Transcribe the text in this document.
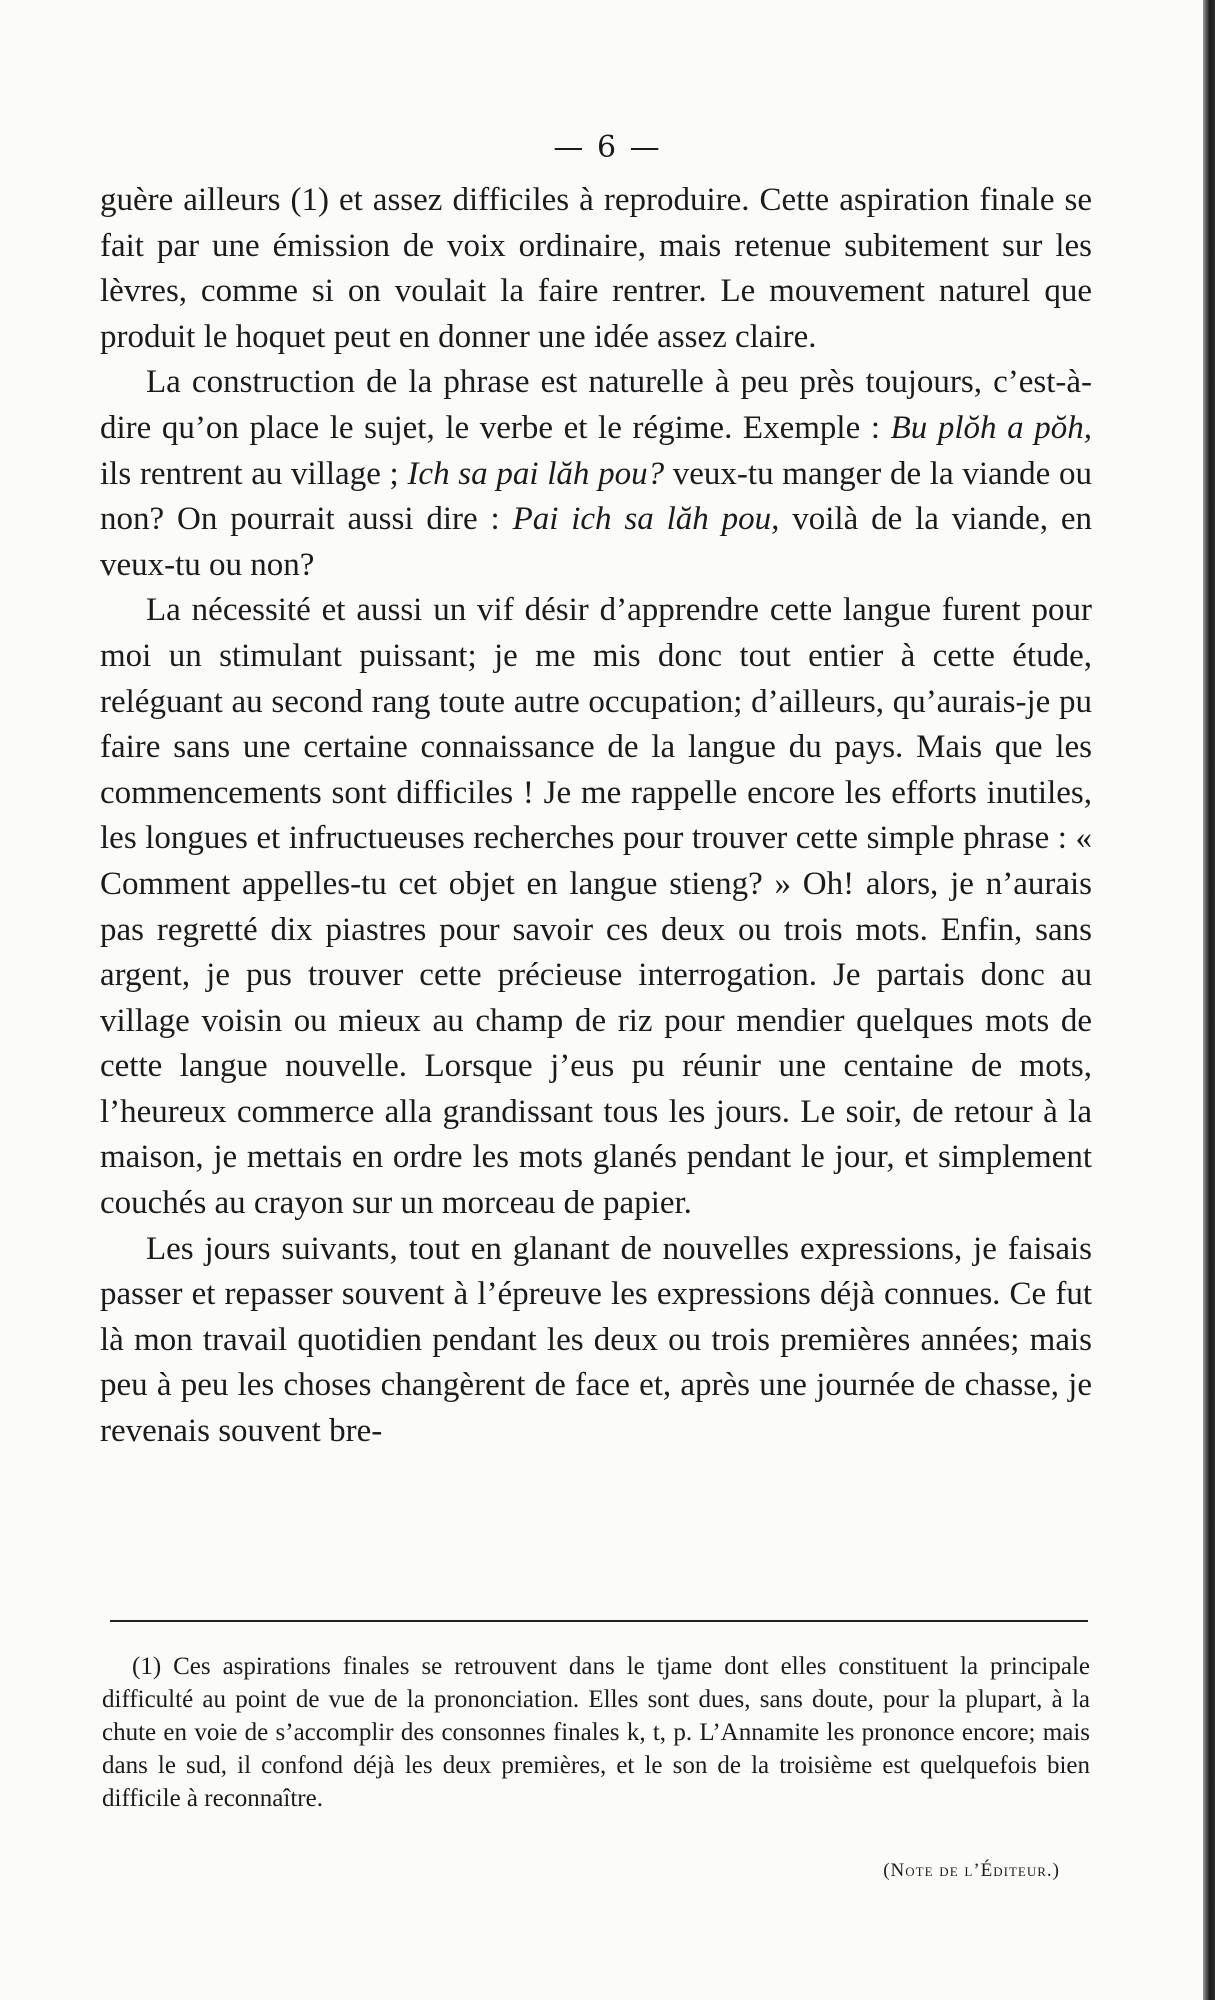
— 6 —

guère ailleurs (1) et assez difficiles à reproduire. Cette aspiration finale se fait par une émission de voix ordinaire, mais retenue subitement sur les lèvres, comme si on voulait la faire rentrer. Le mouvement naturel que produit le hoquet peut en donner une idée assez claire.

La construction de la phrase est naturelle à peu près toujours, c’est-à-dire qu’on place le sujet, le verbe et le régime. Exemple : Bu plŏh a pŏh, ils rentrent au village ; Ich sa pai lăh pou? veux-tu manger de la viande ou non? On pourrait aussi dire : Pai ich sa lăh pou, voilà de la viande, en veux-tu ou non?

La nécessité et aussi un vif désir d’apprendre cette langue furent pour moi un stimulant puissant; je me mis donc tout entier à cette étude, reléguant au second rang toute autre occupation; d’ailleurs, qu’aurais-je pu faire sans une certaine connaissance de la langue du pays. Mais que les commencements sont difficiles ! Je me rappelle encore les efforts inutiles, les longues et infructueuses recherches pour trouver cette simple phrase : « Comment appelles-tu cet objet en langue stieng? » Oh! alors, je n’aurais pas regretté dix piastres pour savoir ces deux ou trois mots. Enfin, sans argent, je pus trouver cette précieuse interrogation. Je partais donc au village voisin ou mieux au champ de riz pour mendier quelques mots de cette langue nouvelle. Lorsque j’eus pu réunir une centaine de mots, l’heureux commerce alla grandissant tous les jours. Le soir, de retour à la maison, je mettais en ordre les mots glanés pendant le jour, et simplement couchés au crayon sur un morceau de papier.

Les jours suivants, tout en glanant de nouvelles expressions, je faisais passer et repasser souvent à l’épreuve les expressions déjà connues. Ce fut là mon travail quotidien pendant les deux ou trois premières années; mais peu à peu les choses changèrent de face et, après une journée de chasse, je revenais souvent bre-

(1) Ces aspirations finales se retrouvent dans le tjame dont elles constituent la principale difficulté au point de vue de la prononciation. Elles sont dues, sans doute, pour la plupart, à la chute en voie de s’accomplir des consonnes finales k, t, p. L’Annamite les prononce encore; mais dans le sud, il confond déjà les deux premières, et le son de la troisième est quelquefois bien difficile à reconnaître.

(Note de l’Éditeur.)
